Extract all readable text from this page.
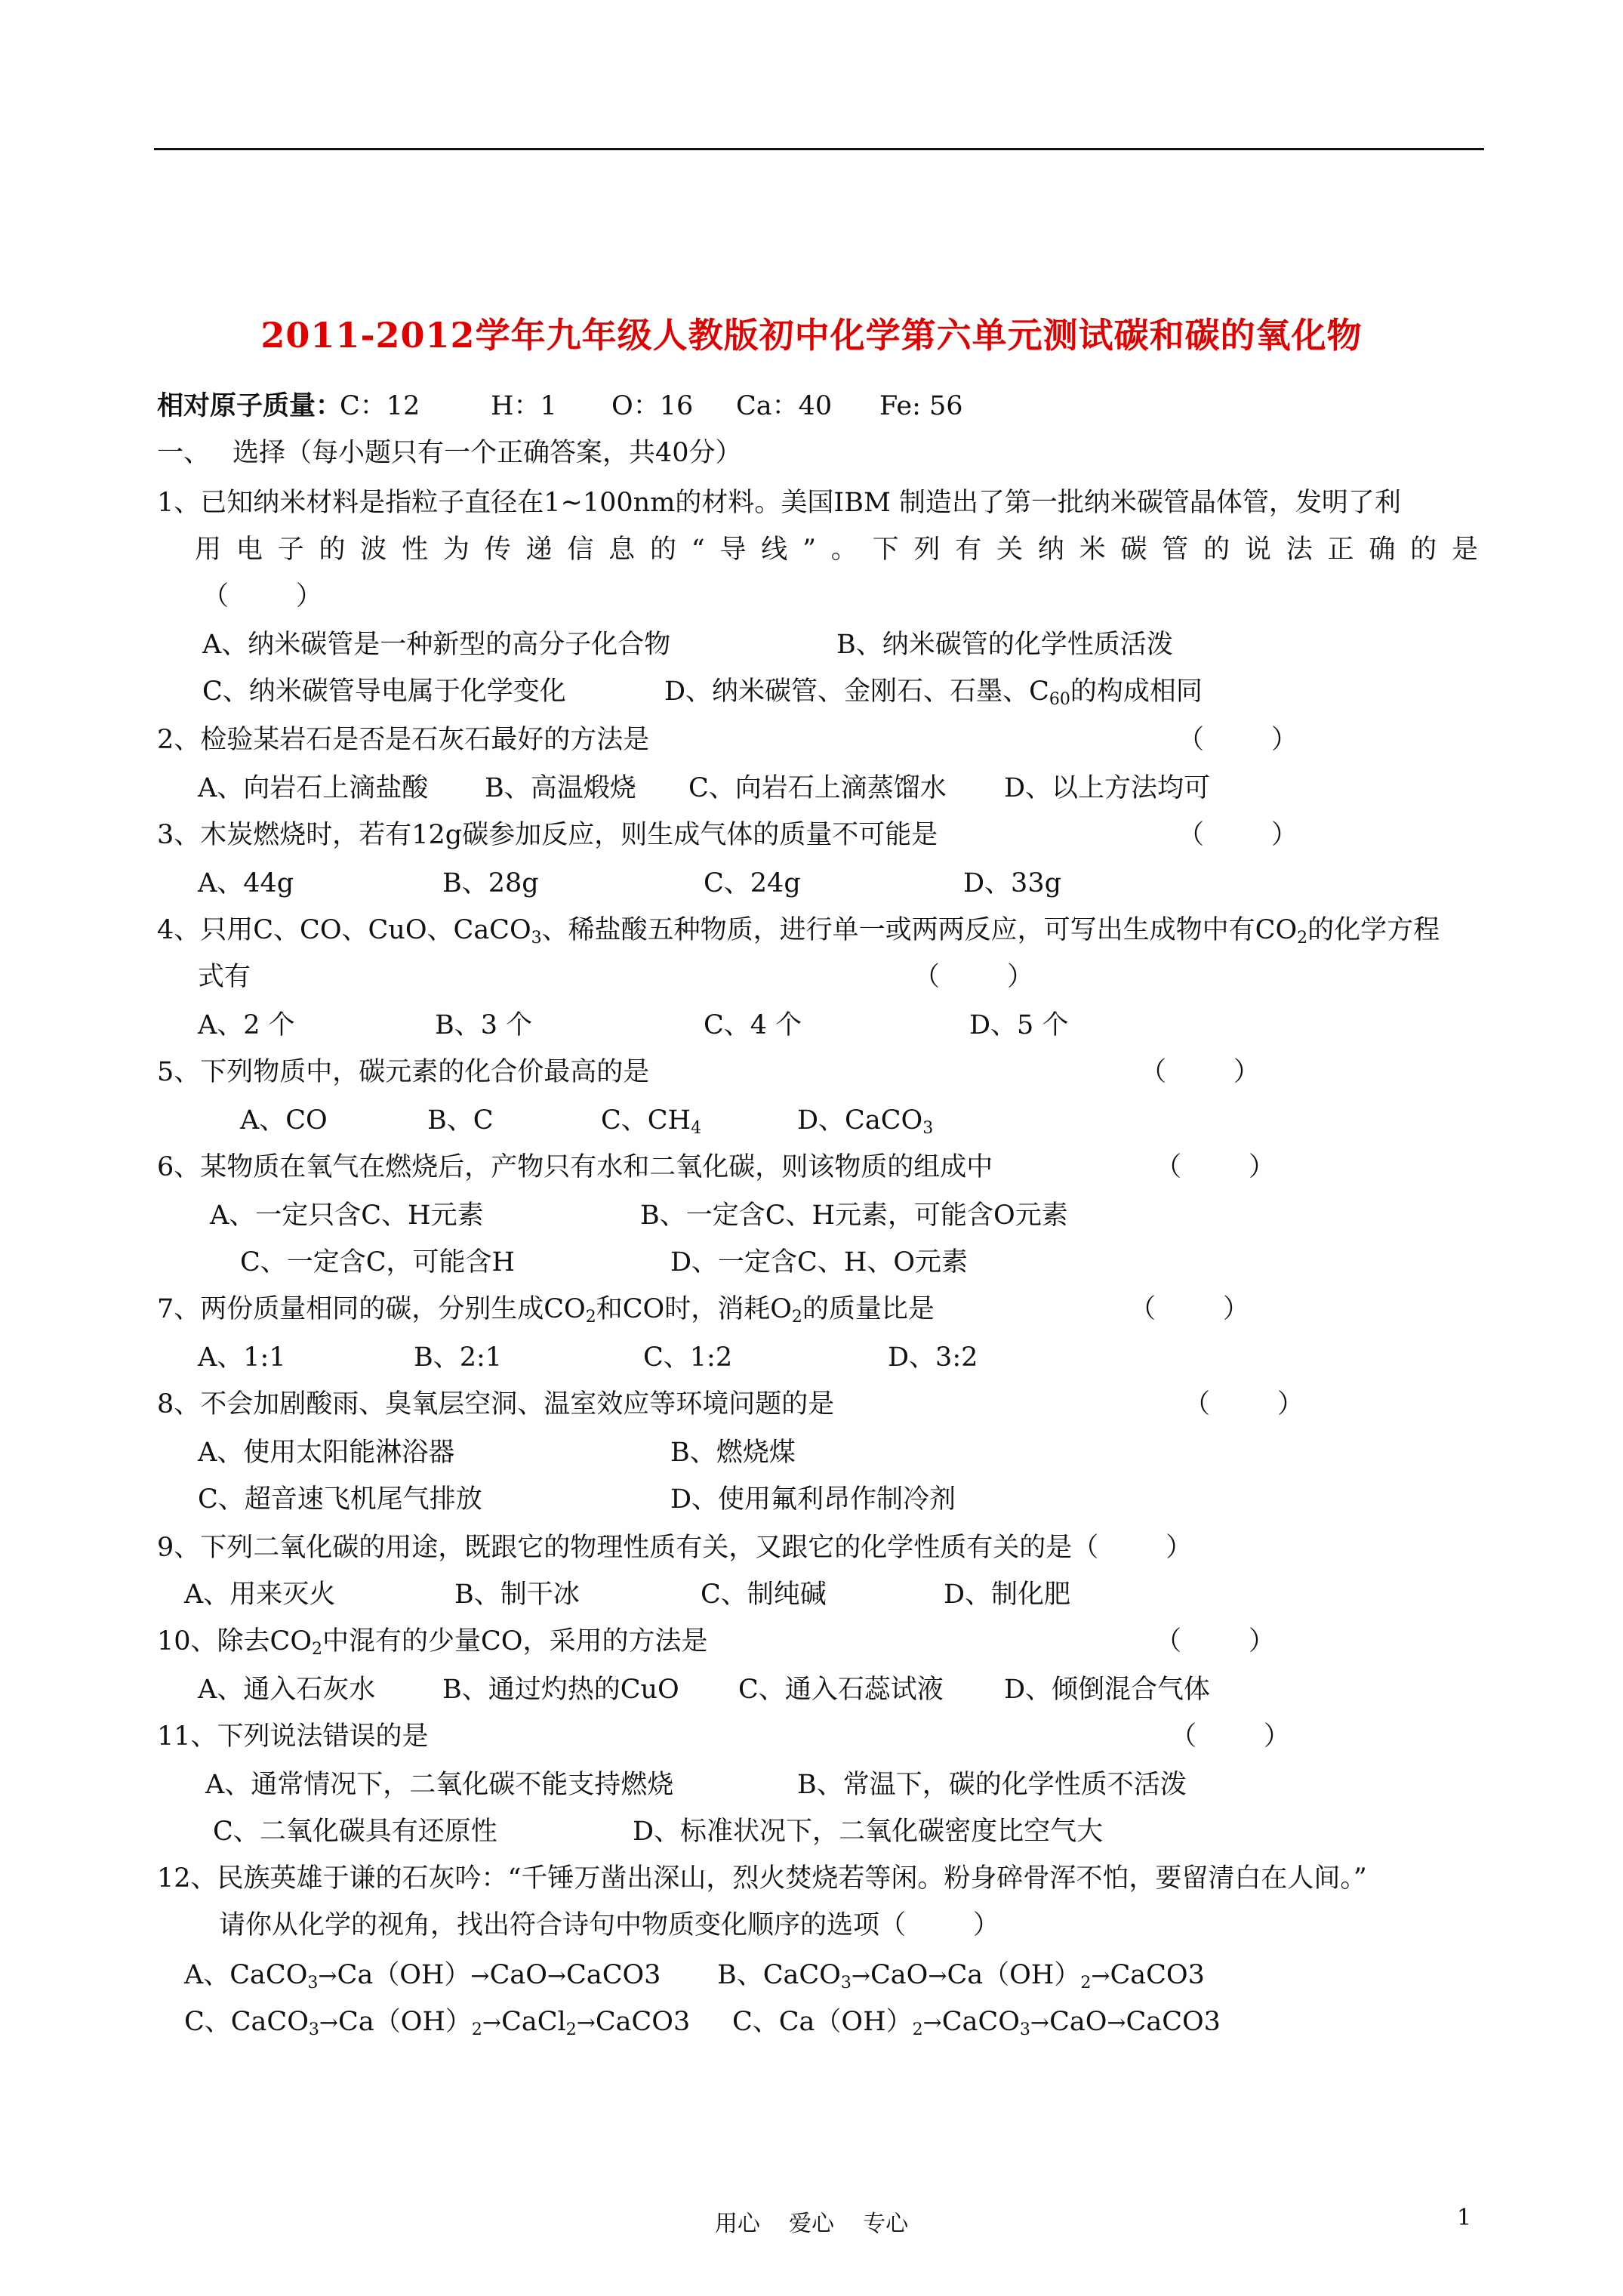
2011-2012学年九年级人教版初中化学第六单元测试碳和碳的氧化物
相对原子质量：
C：12	H：1 O：16 Ca：40 Fe: 56
一、 选择（每小题只有一个正确答案，共40分）
1、已知纳米材料是指粒子直径在1~100nm的材料。美国IBM 制造出了第一批纳米碳管晶体管，发明了利
用电子的波性为传递信息的“导线”。下列有关纳米碳管的说法正确的是
（        ）
A、纳米碳管是一种新型的高分子化合物	B、纳米碳管的化学性质活泼
C、纳米碳管导电属于化学变化	D、纳米碳管、金刚石、石墨、$C_{60}$的构成相同
2、检验某岩石是否是石灰石最好的方法是	（        ）
A、向岩石上滴盐酸 B、高温煅烧 C、向岩石上滴蒸馏水 D、以上方法均可
3、木炭燃烧时，若有12g碳参加反应，则生成气体的质量不可能是	（        ）
A、44g	B、28g	C、24g	D、33g
4、只用C、CO、CuO、CaCO$_3$、稀盐酸五种物质，进行单一或两两反应，可写出生成物中有$CO_2$的化学方程
式有	（        ）
A、2 个	B、3 个	C、4 个	D、5 个
5、下列物质中，碳元素的化合价最高的是	（        ）
A、CO	B、C	C、$CH_4$	D、CaCO$_3$
6、某物质在氧气在燃烧后，产物只有水和二氧化碳，则该物质的组成中	（        ）
A、一定只含C、H元素	B、一定含C、H元素，可能含O元素
C、一定含C，可能含H	D、一定含C、H、O元素
7、两份质量相同的碳，分别生成$CO_2$和CO时，消耗$O_2$的质量比是	（        ）
A、1:1	B、2:1	C、1:2	D、3:2
8、不会加剧酸雨、臭氧层空洞、温室效应等环境问题的是	（        ）
A、使用太阳能淋浴器	B、燃烧煤
C、超音速飞机尾气排放	D、使用氟利昂作制冷剂
9、下列二氧化碳的用途，既跟它的物理性质有关，又跟它的化学性质有关的是（        ）
A、用来灭火	B、制干冰	C、制纯碱	D、制化肥
10、除去$CO_2$中混有的少量CO，采用的方法是	（        ）
A、通入石灰水	B、通过灼热的CuO C、通入石蕊试液 D、倾倒混合气体
11、下列说法错误的是	（        ）
A、通常情况下，二氧化碳不能支持燃烧	B、常温下，碳的化学性质不活泼
C、二氧化碳具有还原性	D、标准状况下，二氧化碳密度比空气大
12、民族英雄于谦的石灰吟：“千锤万凿出深山，烈火焚烧若等闲。粉身碎骨浑不怕，要留清白在人间。”
请你从化学的视角，找出符合诗句中物质变化顺序的选项（        ）
A、CaCO$_3$→Ca（OH）→CaO→CaCO3 B、$CaCO_3\to CaO\to Ca(OH)_2\to CaCO3$
C、$CaCO_3\to Ca(OH)_2\to CaCl_2\to CaCO3$ C、$Ca(OH)_2\to CaCO_3\to CaO\to CaCO3$
用心    爱心    专心	1
